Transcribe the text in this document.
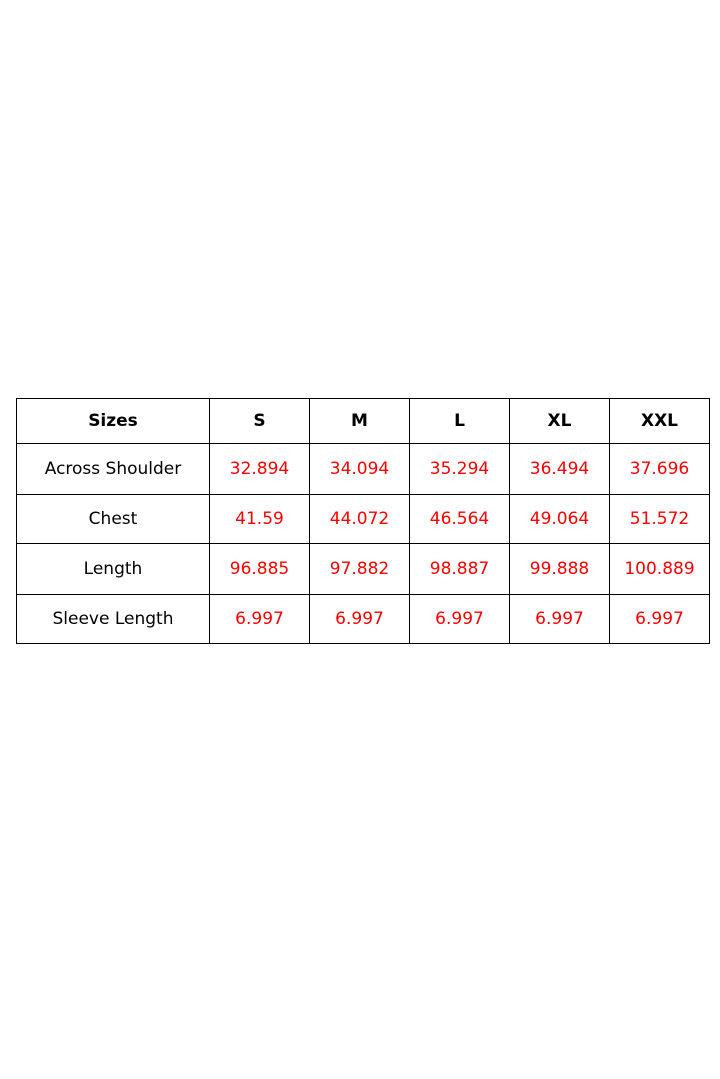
Sizes	S	M	L	XL	XXL
Across Shoulder	32.894	34.094	35.294	36.494	37.696
Chest	41.59	44.072	46.564	49.064	51.572
Length	96.885	97.882	98.887	99.888	100.889
Sleeve Length	6.997	6.997	6.997	6.997	6.997
